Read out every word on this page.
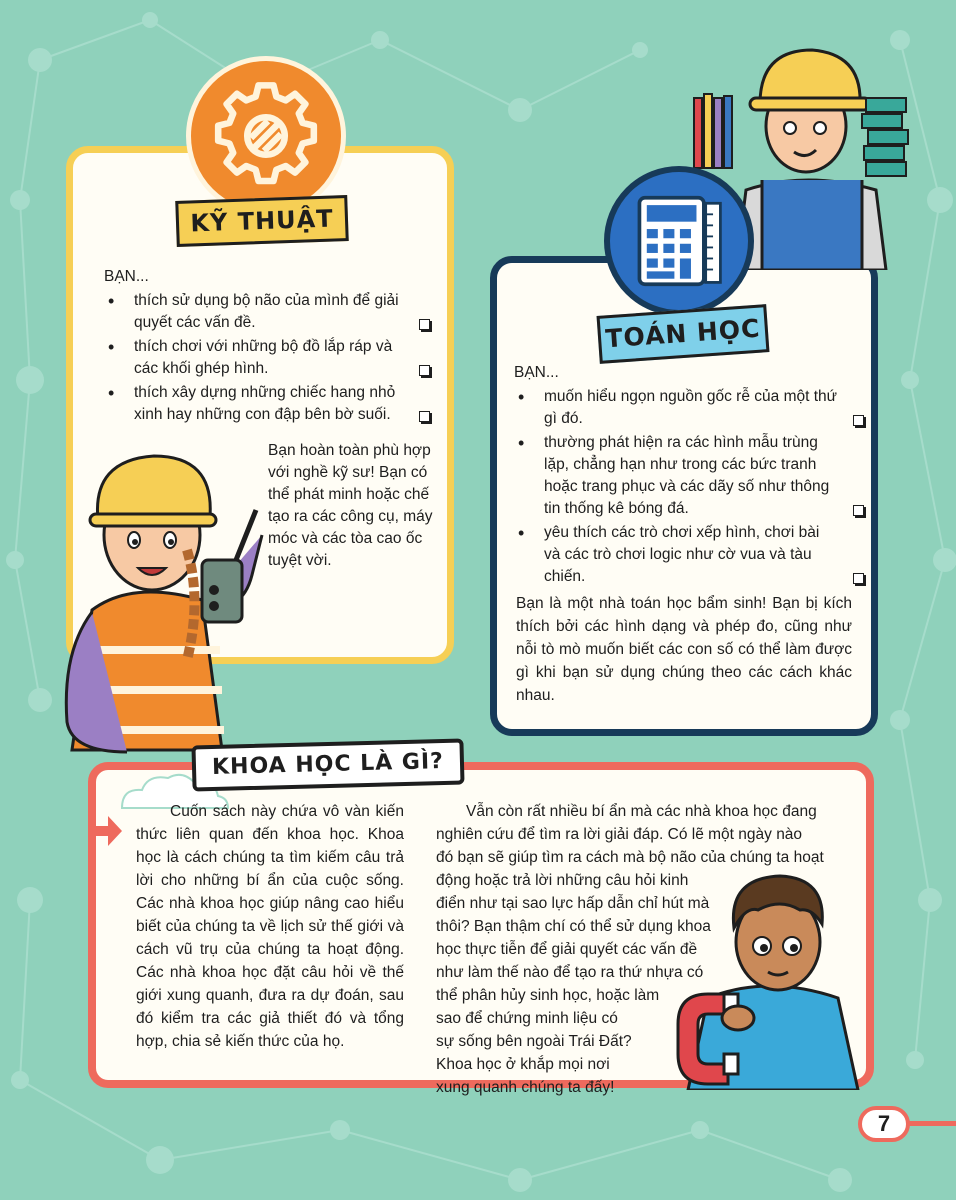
KỸ THUẬT
BẠN...
• thích sử dụng bộ não của mình để giải quyết các vấn đề.
• thích chơi với những bộ đồ lắp ráp và các khối ghép hình.
• thích xây dựng những chiếc hang nhỏ xinh hay những con đập bên bờ suối.
Bạn hoàn toàn phù hợp với nghề kỹ sư! Bạn có thể phát minh hoặc chế tạo ra các công cụ, máy móc và các tòa cao ốc tuyệt vời.
TOÁN HỌC
BẠN...
• muốn hiểu ngọn nguồn gốc rễ của một thứ gì đó.
• thường phát hiện ra các hình mẫu trùng lặp, chẳng hạn như trong các bức tranh hoặc trang phục và các dãy số như thông tin thống kê bóng đá.
• yêu thích các trò chơi xếp hình, chơi bài và các trò chơi logic như cờ vua và tàu chiến.
Bạn là một nhà toán học bẩm sinh! Bạn bị kích thích bởi các hình dạng và phép đo, cũng như nỗi tò mò muốn biết các con số có thể làm được gì khi bạn sử dụng chúng theo các cách khác nhau.
KHOA HỌC LÀ GÌ?
Cuốn sách này chứa vô vàn kiến thức liên quan đến khoa học. Khoa học là cách chúng ta tìm kiếm câu trả lời cho những bí ẩn của cuộc sống. Các nhà khoa học giúp nâng cao hiểu biết của chúng ta về lịch sử thế giới và cách vũ trụ của chúng ta hoạt động. Các nhà khoa học đặt câu hỏi về thế giới xung quanh, đưa ra dự đoán, sau đó kiểm tra các giả thiết đó và tổng hợp, chia sẻ kiến thức của họ.
Vẫn còn rất nhiều bí ẩn mà các nhà khoa học đang
nghiên cứu để tìm ra lời giải đáp. Có lẽ một ngày nào
đó bạn sẽ giúp tìm ra cách mà bộ não của chúng ta hoạt
động hoặc trả lời những câu hỏi kinh
điển như tại sao lực hấp dẫn chỉ hút mà
thôi? Bạn thậm chí có thể sử dụng khoa
học thực tiễn để giải quyết các vấn đề
như làm thế nào để tạo ra thứ nhựa có
thể phân hủy sinh học, hoặc làm
sao để chứng minh liệu có
sự sống bên ngoài Trái Đất?
Khoa học ở khắp mọi nơi
xung quanh chúng ta đấy!
7
